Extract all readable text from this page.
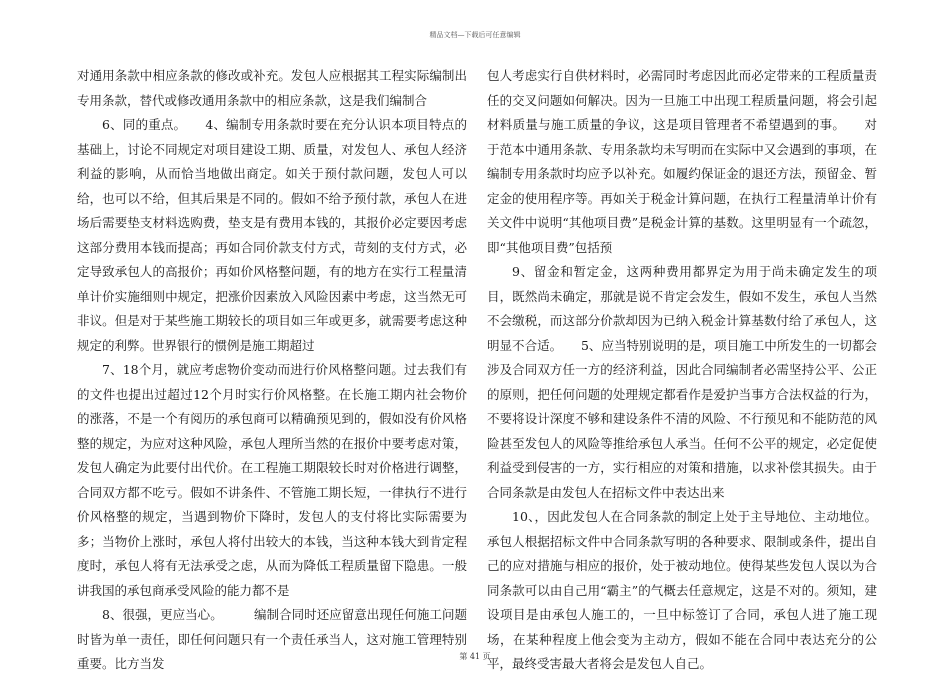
精品文档—下载后可任意编辑

对通用条款中相应条款的修改或补充。发包人应根据其工程实际编制出专用条款，替代或修改通用条款中的相应条款，这是我们编制合

6、同的重点。　　4、编制专用条款时要在充分认识本项目特点的基础上，讨论不同规定对项目建设工期、质量，对发包人、承包人经济利益的影响，从而恰当地做出商定。如关于预付款问题，发包人可以给，也可以不给，但其后果是不同的。假如不给予预付款，承包人在进场后需要垫支材料选购费，垫支是有费用本钱的，其报价必定要因考虑这部分费用本钱而提高；再如合同价款支付方式，苛刻的支付方式，必定导致承包人的高报价；再如价风格整问题，有的地方在实行工程量清单计价实施细则中规定，把涨价因素放入风险因素中考虑，这当然无可非议。但是对于某些施工期较长的项目如三年或更多，就需要考虑这种规定的利弊。世界银行的惯例是施工期超过

7、18个月，就应考虑物价变动而进行价风格整问题。过去我们有的文件也提出过超过12个月时实行价风格整。在长施工期内社会物价的涨落，不是一个有阅历的承包商可以精确预见到的，假如没有价风格整的规定，为应对这种风险，承包人理所当然的在报价中要考虑对策，发包人确定为此要付出代价。在工程施工期限较长时对价格进行调整，合同双方都不吃亏。假如不讲条件、不管施工期长短，一律执行不进行价风格整的规定，当遇到物价下降时，发包人的支付将比实际需要为多；当物价上涨时，承包人将付出较大的本钱，当这种本钱大到肯定程度时，承包人将有无法承受之虑，从而为降低工程质量留下隐患。一般讲我国的承包商承受风险的能力都不是

8、很强，更应当心。　　　编制合同时还应留意出现任何施工问题时皆为单一责任，即任何问题只有一个责任承当人，这对施工管理特别重要。比方当发

包人考虑实行自供材料时，必需同时考虑因此而必定带来的工程质量责任的交叉问题如何解决。因为一旦施工中出现工程质量问题，将会引起材料质量与施工质量的争议，这是项目管理者不希望遇到的事。　　对于范本中通用条款、专用条款均未写明而在实际中又会遇到的事项，在编制专用条款时均应予以补充。如履约保证金的退还方法，预留金、暂定金的使用程序等。再如关于税金计算问题，在执行工程量清单计价有关文件中说明“其他项目费”是税金计算的基数。这里明显有一个疏忽，即“其他项目费”包括预

9、留金和暂定金，这两种费用都界定为用于尚未确定发生的项目，既然尚未确定，那就是说不肯定会发生，假如不发生，承包人当然不会缴税，而这部分价款却因为已纳入税金计算基数付给了承包人，这明显不合适。　　5、应当特别说明的是，项目施工中所发生的一切都会涉及合同双方任一方的经济利益，因此合同编制者必需坚持公平、公正的原则，把任何问题的处理规定都看作是爱护当事方合法权益的行为，不要将设计深度不够和建设条件不清的风险、不行预见和不能防范的风险甚至发包人的风险等推给承包人承当。任何不公平的规定，必定促使利益受到侵害的一方，实行相应的对策和措施，以求补偿其损失。由于合同条款是由发包人在招标文件中表达出来

10、，因此发包人在合同条款的制定上处于主导地位、主动地位。承包人根据招标文件中合同条款写明的各种要求、限制或条件，提出自己的应对措施与相应的报价，处于被动地位。使得某些发包人误以为合同条款可以由自己用“霸主”的气概去任意规定，这是不对的。须知，建设项目是由承包人施工的，一旦中标签订了合同，承包人进了施工现场，在某种程度上他会变为主动方，假如不能在合同中表达充分的公平，最终受害最大者将会是发包人自己。

第 41 页
